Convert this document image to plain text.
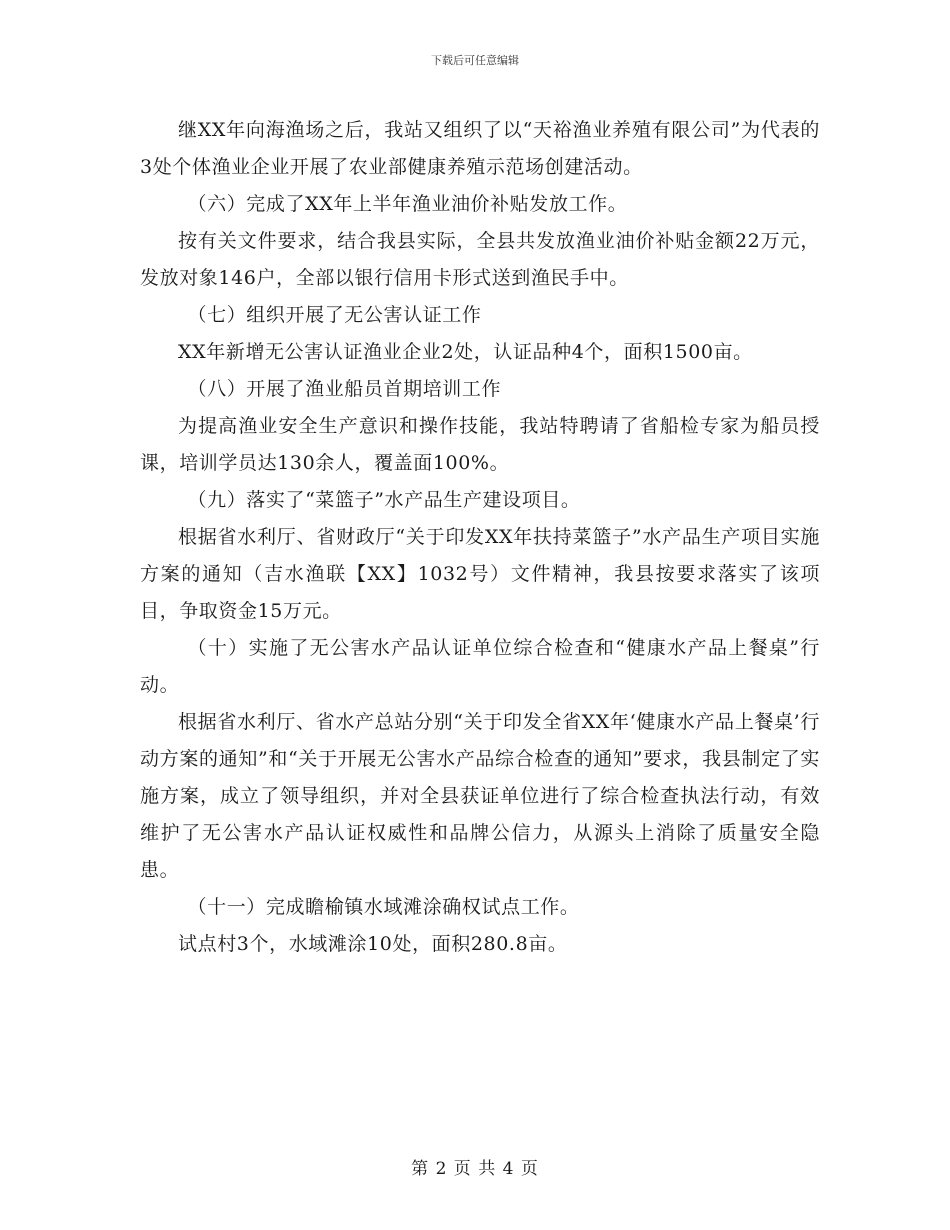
下载后可任意编辑

继XX年向海渔场之后，我站又组织了以“天裕渔业养殖有限公司”为代表的3处个体渔业企业开展了农业部健康养殖示范场创建活动。

（六）完成了XX年上半年渔业油价补贴发放工作。

按有关文件要求，结合我县实际，全县共发放渔业油价补贴金额22万元，发放对象146户，全部以银行信用卡形式送到渔民手中。

（七）组织开展了无公害认证工作

XX年新增无公害认证渔业企业2处，认证品种4个，面积1500亩。

（八）开展了渔业船员首期培训工作

为提高渔业安全生产意识和操作技能，我站特聘请了省船检专家为船员授课，培训学员达130余人，覆盖面100%。

（九）落实了“菜篮子”水产品生产建设项目。

根据省水利厅、省财政厅“关于印发XX年扶持菜篮子”水产品生产项目实施方案的通知（吉水渔联【XX】1032号）文件精神，我县按要求落实了该项目，争取资金15万元。

（十）实施了无公害水产品认证单位综合检查和“健康水产品上餐桌”行动。

根据省水利厅、省水产总站分别“关于印发全省XX年‘健康水产品上餐桌’行动方案的通知”和“关于开展无公害水产品综合检查的通知”要求，我县制定了实施方案，成立了领导组织，并对全县获证单位进行了综合检查执法行动，有效维护了无公害水产品认证权威性和品牌公信力，从源头上消除了质量安全隐患。

（十一）完成瞻榆镇水域滩涂确权试点工作。

试点村3个，水域滩涂10处，面积280.8亩。

第 2 页 共 4 页
